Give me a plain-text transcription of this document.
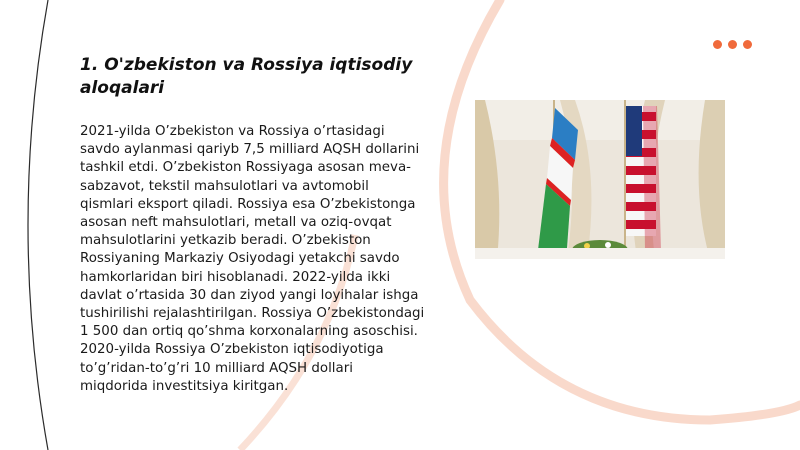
1. O'zbekiston va Rossiya iqtisodiy aloqalari

2021-yilda O’zbekiston va Rossiya o’rtasidagi savdo aylanmasi qariyb 7,5 milliard AQSH dollarini tashkil etdi. O’zbekiston Rossiyaga asosan meva-sabzavot, tekstil mahsulotlari va avtomobil qismlari eksport qiladi. Rossiya esa O’zbekistonga asosan neft mahsulotlari, metall va oziq-ovqat mahsulotlarini yetkazib beradi. O’zbekiston Rossiyaning Markaziy Osiyodagi yetakchi savdo hamkorlaridan biri hisoblanadi. 2022-yilda ikki davlat o’rtasida 30 dan ziyod yangi loyihalar ishga tushirilishi rejalashtirilgan. Rossiya O’zbekistondagi 1 500 dan ortiq qo’shma korxonalarning asoschisi. 2020-yilda Rossiya O’zbekiston iqtisodiyotiga to’g’ridan-to’g’ri 10 milliard AQSH dollari miqdorida investitsiya kiritgan.
